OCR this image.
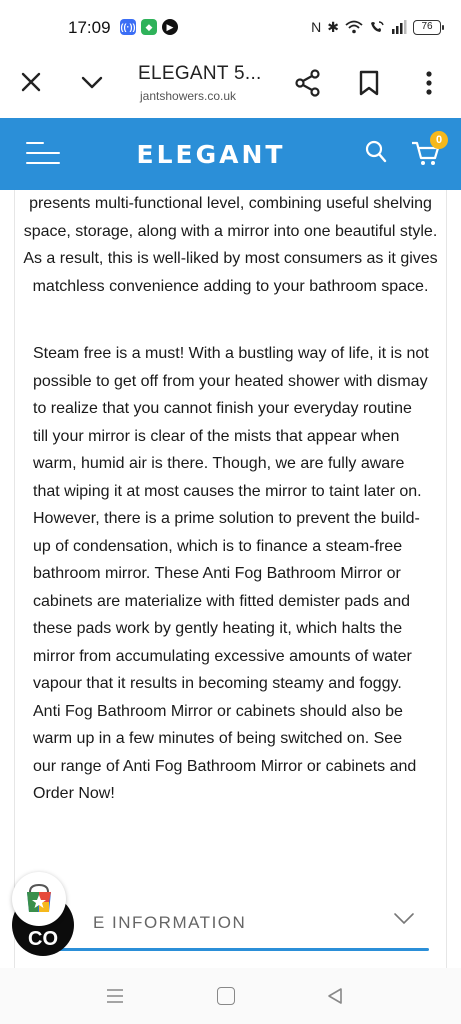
17:09 ((·))	◆	▶	N ✱	76
ELEGANT 5...
jantshowers.co.uk
ELEGANT	0

presents multi-functional level, combining useful shelving space, storage, along with a mirror into one beautiful style. As a result, this is well-liked by most consumers as it gives matchless convenience adding to your bathroom space.

Steam free is a must! With a bustling way of life, it is not possible to get off from your heated shower with dismay to realize that you cannot finish your everyday routine till your mirror is clear of the mists that appear when warm, humid air is there. Though, we are fully aware that wiping it at most causes the mirror to taint later on. However, there is a prime solution to prevent the build-up of condensation, which is to finance a steam-free bathroom mirror. These Anti Fog Bathroom Mirror or cabinets are materialize with fitted demister pads and these pads work by gently heating it, which halts the mirror from accumulating excessive amounts of water vapour that it results in becoming steamy and foggy. Anti Fog Bathroom Mirror or cabinets should also be warm up in a few minutes of being switched on. See our range of Anti Fog Bathroom Mirror or cabinets and Order Now!

E INFORMATION
CO
